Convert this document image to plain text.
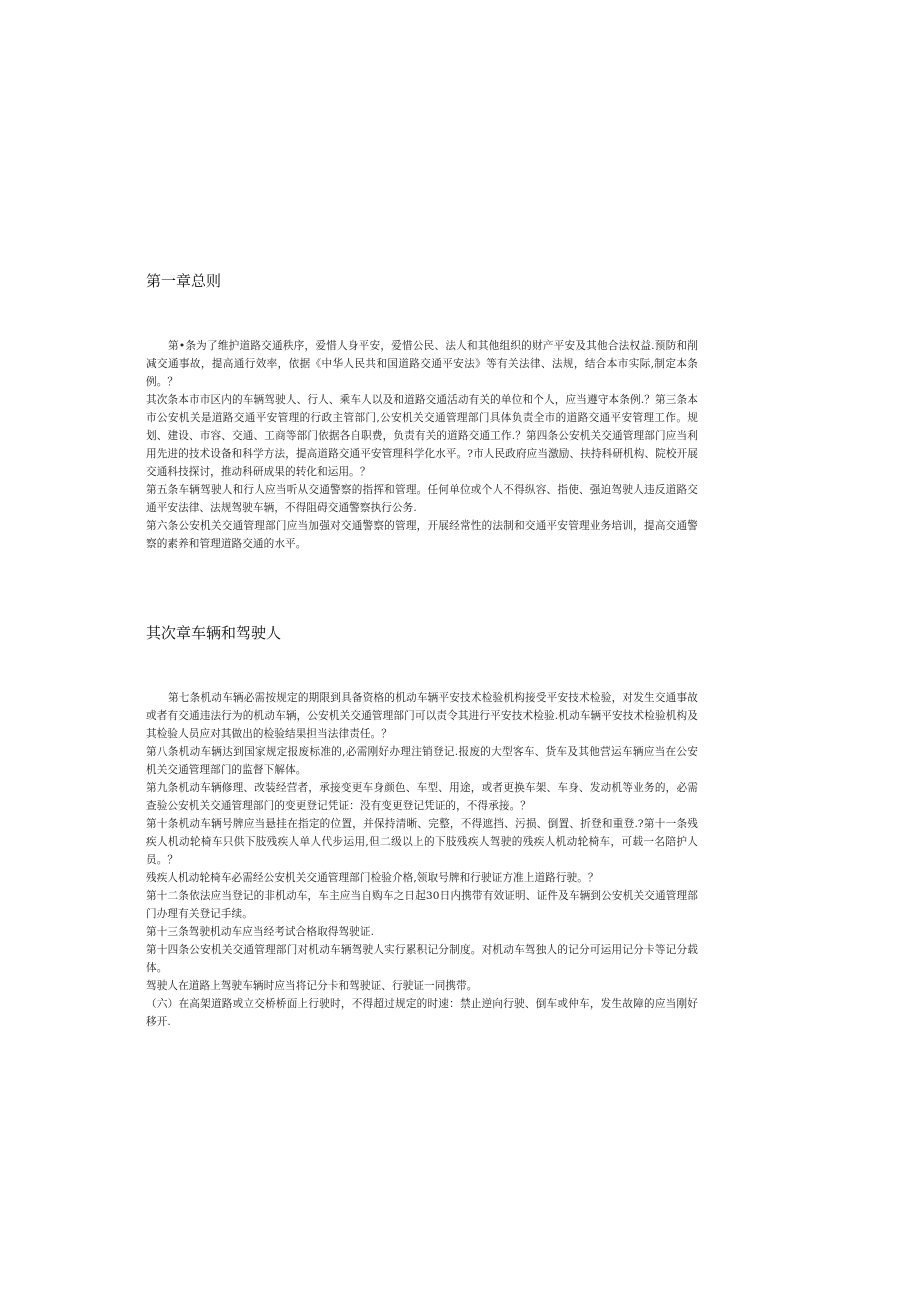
第一章总则

第•条为了维护道路交通秩序，爱惜人身平安，爱惜公民、法人和其他组织的财产平安及其他合法权益.预防和削减交通事故，提高通行效率，依据《中华人民共和国道路交通平安法》等有关法律、法规，结合本市实际,制定本条例。？

其次条本市市区内的车辆驾驶人、行人、乘车人以及和道路交通活动有关的单位和个人，应当遵守本条例.？第三条本市公安机关是道路交通平安管理的行政主管部门,公安机关交通管理部门具体负责全市的道路交通平安管理工作。规划、建设、市容、交通、工商等部门依据各自职费，负责有关的道路交通工作.？第四条公安机关交通管理部门应当利用先进的技术设备和科学方法，提高道路交通平安管理科学化水平。?市人民政府应当激励、扶持科研机构、院校开展交通科技探讨，推动科研成果的转化和运用。？

第五条车辆驾驶人和行人应当听从交通警察的指挥和管理。任何单位或个人不得纵容、指使、强迫驾驶人违反道路交通平安法律、法规驾驶车辆，不得阻碍交通警察执行公务.

第六条公安机关交通管理部门应当加强对交通警察的管理，开展经常性的法制和交通平安管理业务培训，提高交通警察的素养和管理道路交通的水平。

其次章车辆和驾驶人

第七条机动车辆必需按规定的期限到具备资格的机动车辆平安技术检验机构接受平安技术检验，对发生交通事故或者有交通违法行为的机动车辆，公安机关交通管理部门可以责令其进行平安技术检验.机动车辆平安技术检验机构及其检验人员应对其做出的检验结果担当法律责任。？

第八条机动车辆达到国家规定报废标准的,必需刚好办理注销登记.报废的大型客车、货车及其他营运车辆应当在公安机关交通管理部门的监督下解体。

第九条机动车辆修理、改装经营者，承接变更车身颜色、车型、用途，或者更换车架、车身、发动机等业务的，必需查验公安机关交通管理部门的变更登记凭证：没有变更登记凭证的，不得承接。？

第十条机动车辆号牌应当悬挂在指定的位置，并保持清晰、完整，不得遮挡、污损、倒置、折登和重登.?第十一条残疾人机动轮椅车只供下肢残疾人单人代步运用,但二级以上的下肢残疾人驾驶的残疾人机动轮椅车，可载一名陪护人员。？

残疾人机动轮椅车必需经公安机关交通管理部门检验介格,领取号牌和行驶证方准上道路行驶。？

第十二条依法应当登记的非机动车，车主应当自购车之日起30日内携带有效证明、证件及车辆到公安机关交通管理部门办理有关登记手续。

第十三条驾驶机动车应当经考试合格取得驾驶证.

第十四条公安机关交通管理部门对机动车辆驾驶人实行累积记分制度。对机动车驾独人的记分可运用记分卡等记分载体。

驾驶人在道路上驾驶车辆时应当将记分卡和驾驶证、行驶证一同携带。

（六）在高架道路或立交桥桥面上行驶时，不得超过规定的时速：禁止逆向行驶、倒车或仲车，发生故障的应当刚好移开.
